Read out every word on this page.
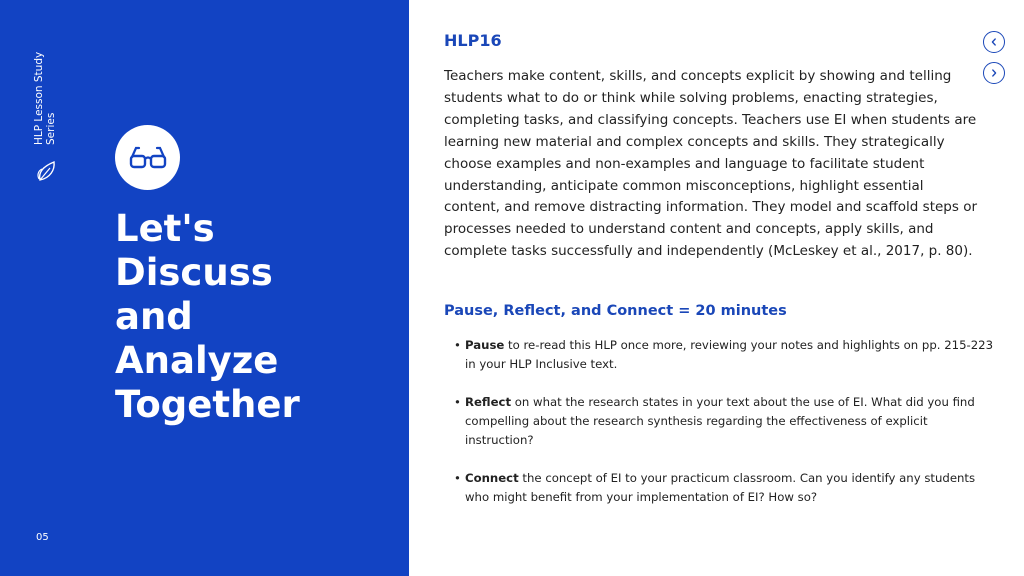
HLP Lesson Study Series
Let's
Discuss
and
Analyze
Together
05
HLP16

Teachers make content, skills, and concepts explicit by showing and telling students what to do or think while solving problems, enacting strategies, completing tasks, and classifying concepts. Teachers use EI when students are learning new material and complex concepts and skills. They strategically choose examples and non-examples and language to facilitate student understanding, anticipate common misconceptions, highlight essential content, and remove distracting information. They model and scaffold steps or processes needed to understand content and concepts, apply skills, and complete tasks successfully and independently (McLeskey et al., 2017, p. 80).

Pause, Reflect, and Connect = 20 minutes
• Pause to re-read this HLP once more, reviewing your notes and highlights on pp. 215-223 in your HLP Inclusive text.
• Reflect on what the research states in your text about the use of EI. What did you find compelling about the research synthesis regarding the effectiveness of explicit instruction?
• Connect the concept of EI to your practicum classroom. Can you identify any students who might benefit from your implementation of EI? How so?
